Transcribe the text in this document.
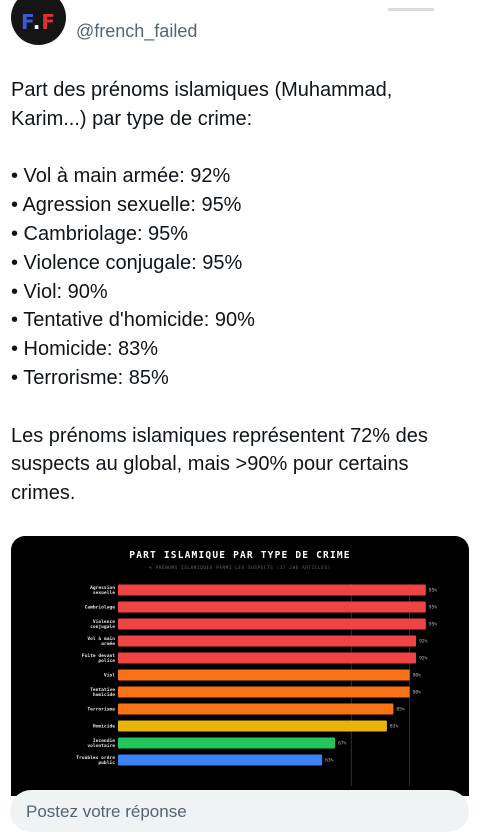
F.F	@french_failed

Part des prénoms islamiques (Muhammad, Karim...) par type de crime:

• Vol à main armée: 92%

• Agression sexuelle: 95%

• Cambriolage: 95%

• Violence conjugale: 95%

• Viol: 90%

• Tentative d'homicide: 90%

• Homicide: 83%

• Terrorisme: 85%

Les prénoms islamiques représentent 72% des suspects au global, mais >90% pour certains crimes.

PART ISLAMIQUE PAR TYPE DE CRIME
% PRÉNOMS ISLAMIQUES PARMI LES SUSPECTS (17 286 ARTICLES)
Agression sexuelle
95%
Cambriolage	95%
Violence conjugale
95%
Vol à main armée
92%
Fuite devant police
92%
Viol	90%
Tentative homicide
90%
Terrorisme	85%
Homicide	83%
Incendie volontaire
67%
Troubles ordre public
63%
Postez votre réponse
